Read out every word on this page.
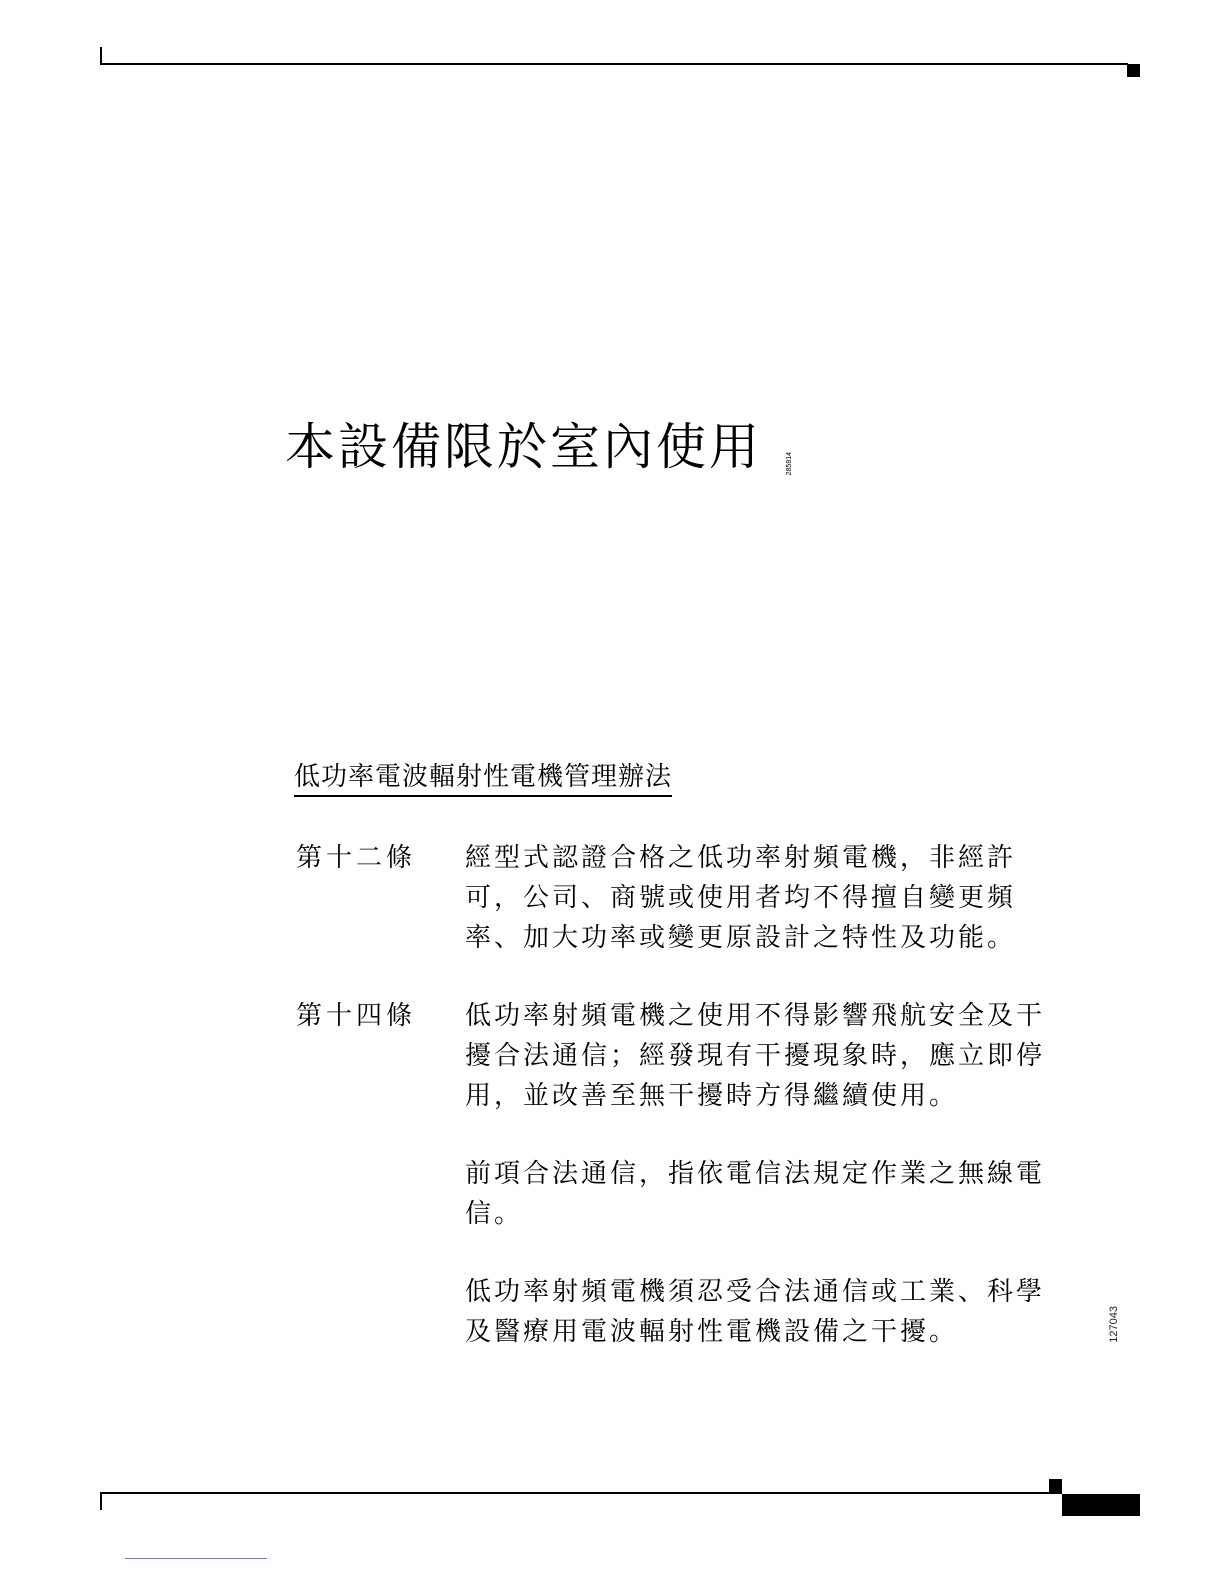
本設備限於室內使用	285814
低功率電波輻射性電機管理辦法
第十二條 經型式認證合格之低功率射頻電機，非經許
可，公司、商號或使用者均不得擅自變更頻
率、加大功率或變更原設計之特性及功能。
第十四條 低功率射頻電機之使用不得影響飛航安全及干
擾合法通信；經發現有干擾現象時，應立即停
用，並改善至無干擾時方得繼續使用。
前項合法通信，指依電信法規定作業之無線電
信。
低功率射頻電機須忍受合法通信或工業、科學
及醫療用電波輻射性電機設備之干擾。	127043
